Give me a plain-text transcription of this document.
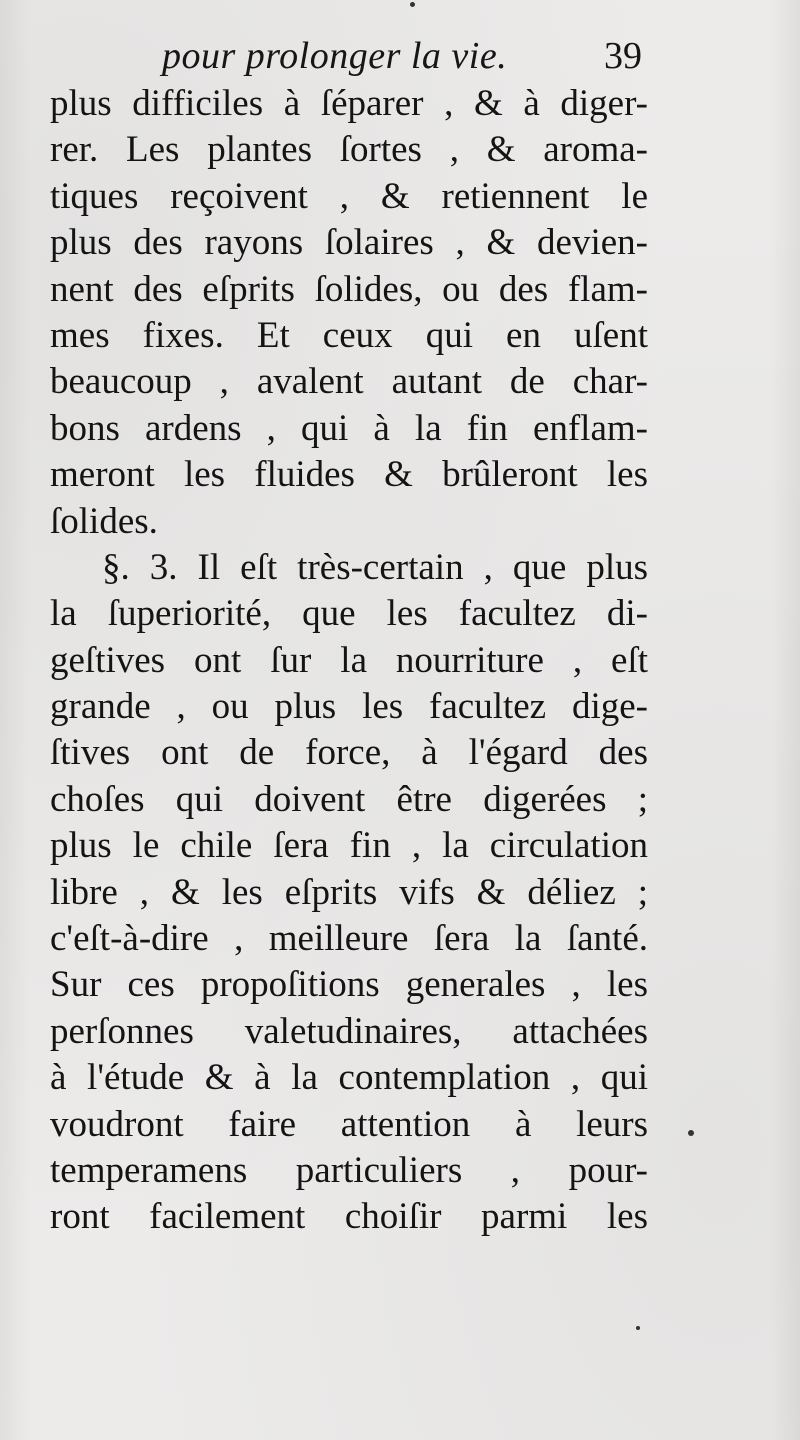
pour prolonger la vie.	39
plus difficiles à ſéparer , & à diger-
rer. Les plantes ſortes , & aroma-
tiques reçoivent , & retiennent le
plus des rayons ſolaires , & devien-
nent des eſprits ſolides, ou des flam-
mes fixes. Et ceux qui en uſent
beaucoup , avalent autant de char-
bons ardens , qui à la fin enflam-
meront les fluides & brûleront les
ſolides.
§. 3. Il eſt très-certain , que plus
la ſuperiorité, que les facultez di-
geſtives ont ſur la nourriture , eſt
grande , ou plus les facultez dige-
ſtives ont de force, à l'égard des
choſes qui doivent être digerées ;
plus le chile ſera fin , la circulation
libre , & les eſprits vifs & déliez ;
c'eſt-à-dire , meilleure ſera la ſanté.
Sur ces propoſitions generales , les
perſonnes valetudinaires, attachées
à l'étude & à la contemplation , qui
voudront faire attention à leurs
temperamens particuliers , pour-
ront facilement choiſir parmi les
